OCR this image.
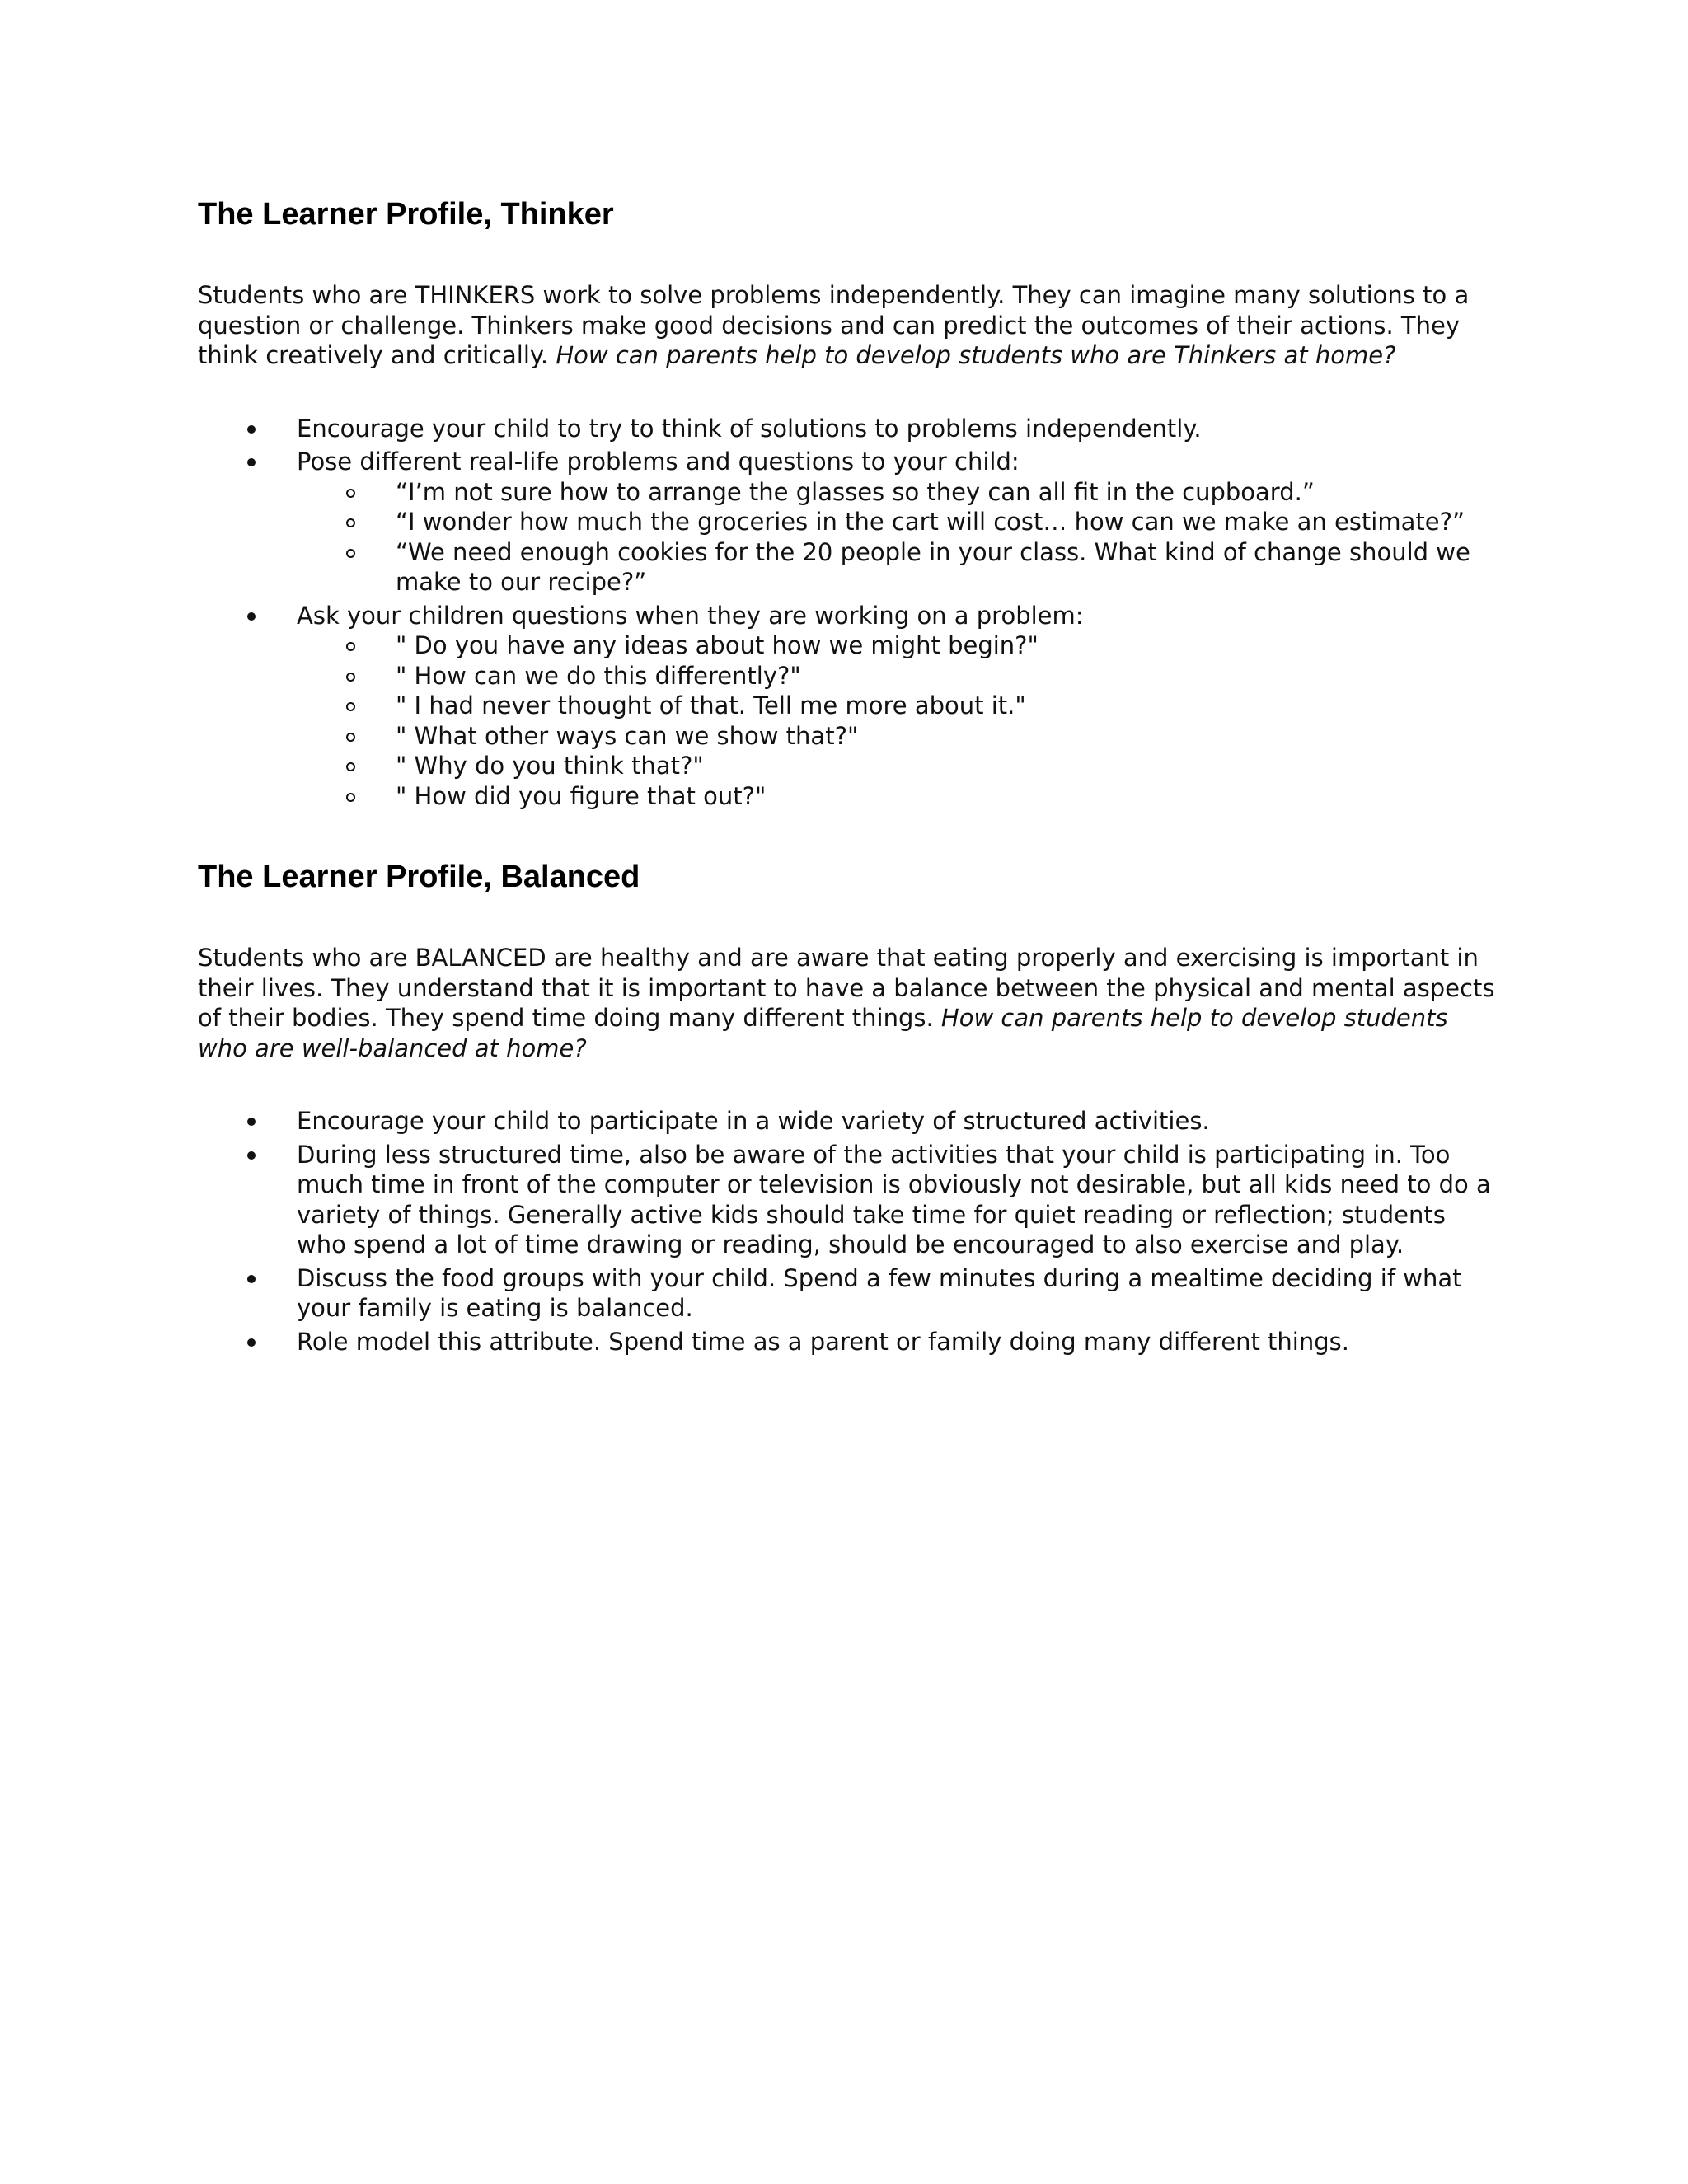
The Learner Profile, Thinker

Students who are THINKERS work to solve problems independently. They can imagine many solutions to a question or challenge. Thinkers make good decisions and can predict the outcomes of their actions. They think creatively and critically. How can parents help to develop students who are Thinkers at home?

Encourage your child to try to think of solutions to problems independently.
Pose different real-life problems and questions to your child:
“I’m not sure how to arrange the glasses so they can all fit in the cupboard.”
“I wonder how much the groceries in the cart will cost… how can we make an estimate?”
“We need enough cookies for the 20 people in your class. What kind of change should we make to our recipe?”
Ask your children questions when they are working on a problem:
" Do you have any ideas about how we might begin?"
" How can we do this differently?"
" I had never thought of that. Tell me more about it."
" What other ways can we show that?"
" Why do you think that?"
" How did you figure that out?"
The Learner Profile, Balanced

Students who are BALANCED are healthy and are aware that eating properly and exercising is important in their lives. They understand that it is important to have a balance between the physical and mental aspects of their bodies. They spend time doing many different things. How can parents help to develop students who are well-balanced at home?

Encourage your child to participate in a wide variety of structured activities.
During less structured time, also be aware of the activities that your child is participating in. Too much time in front of the computer or television is obviously not desirable, but all kids need to do a variety of things. Generally active kids should take time for quiet reading or reflection; students who spend a lot of time drawing or reading, should be encouraged to also exercise and play.
Discuss the food groups with your child. Spend a few minutes during a mealtime deciding if what your family is eating is balanced.
Role model this attribute. Spend time as a parent or family doing many different things.
